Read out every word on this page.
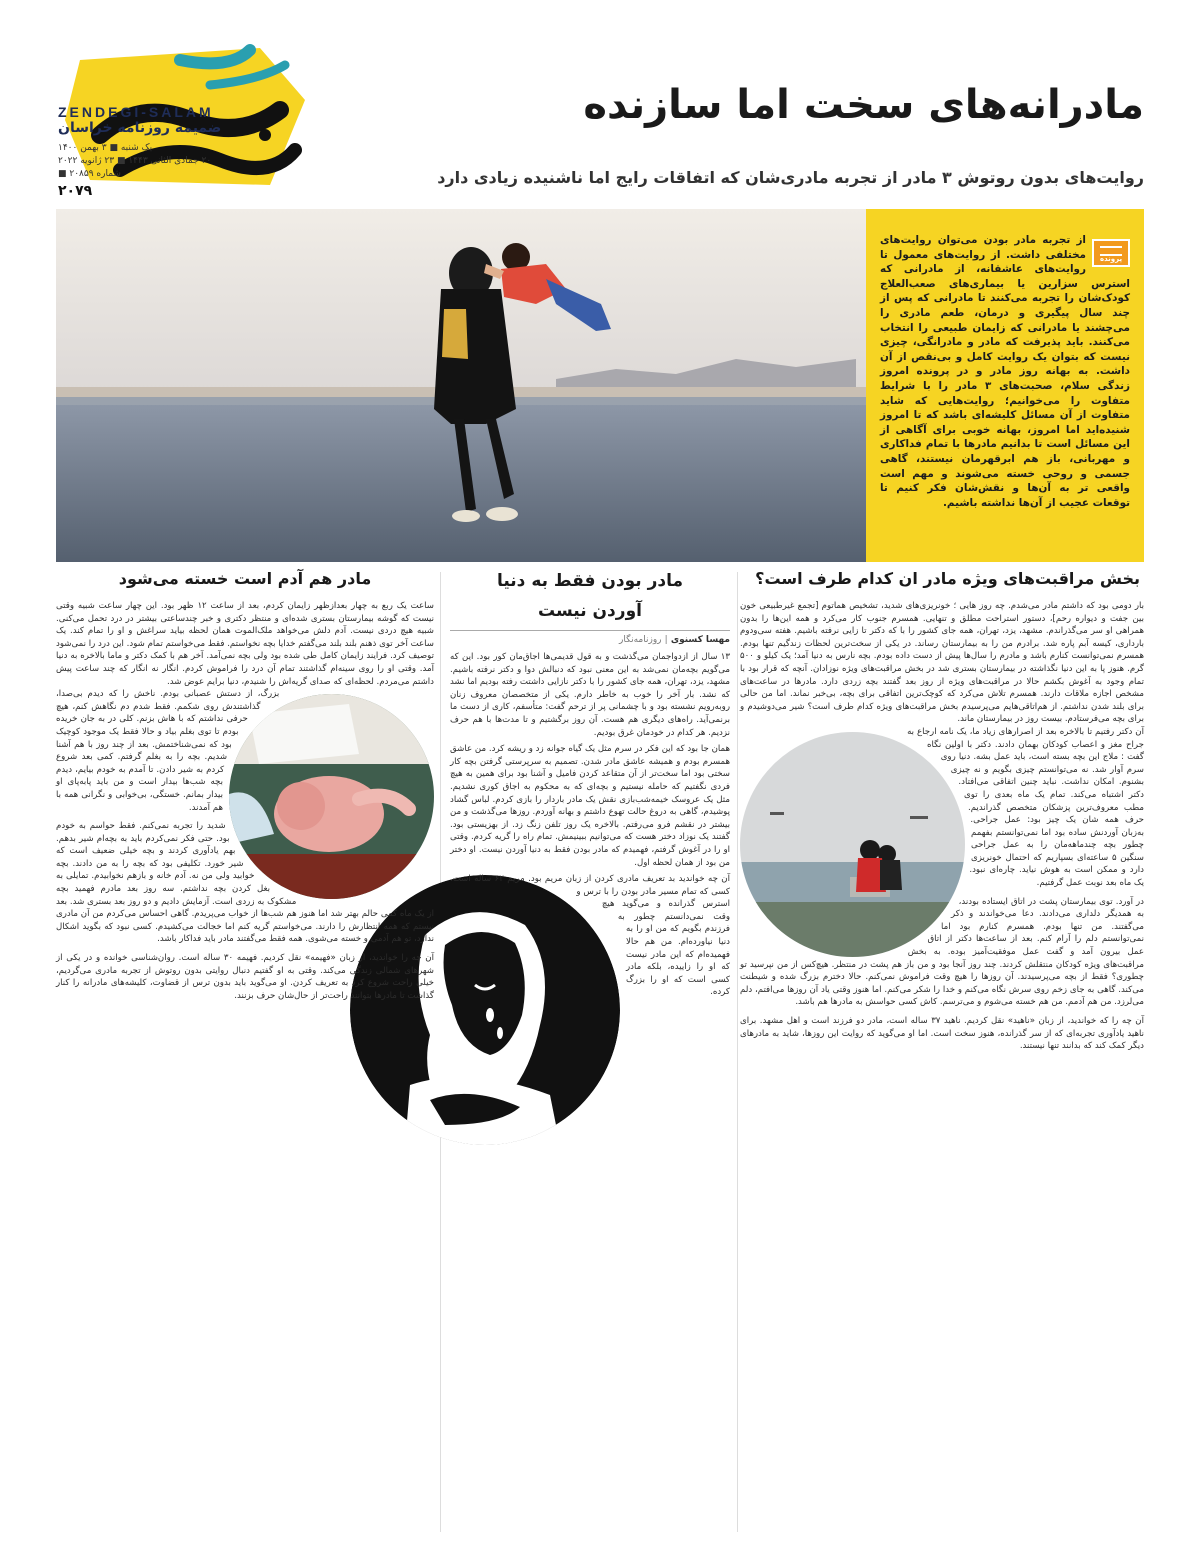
ZENDEGI-SALAM
ضمیمه روزنامه خراسان
یک شنبه ■ ۳ بهمن ۱۴۰۰
۲۰ جمادی الثانی ۱۴۴۳ ■ ۲۳ ژانویه ۲۰۲۲
شماره ۲۰۸۵۹ ■
۲۰۷۹
مادرانه‌های سخت اما سازنده
روایت‌های بدون روتوش ۳ مادر از تجربه مادری‌شان که اتفاقات رایج اما ناشنیده زیادی دارد
پرونده

از تجربه مادر بودن می‌توان روایت‌های مختلفی داشت. از روایت‌های معمول تا روایت‌های عاشقانه، از مادرانی که استرس سزارین یا بیماری‌های صعب‌العلاج کودک‌شان را تجربه می‌کنند تا مادرانی که پس از چند سال پیگیری و درمان، طعم مادری را می‌چشند یا مادرانی که زایمان طبیعی را انتخاب می‌کنند. باید پذیرفت که مادر و مادرانگی، چیزی نیست که بتوان یک روایت کامل و بی‌نقص از آن داشت. به بهانه روز مادر و در پرونده امروز زندگی سلام، صحبت‌های ۳ مادر را با شرایط متفاوت را می‌خوانیم؛ روایت‌هایی که شاید متفاوت از آن مسائل کلیشه‌ای باشد که تا امروز شنیده‌اید اما امروز، بهانه خوبی برای آگاهی از این مسائل است تا بدانیم مادرها با تمام فداکاری و مهربانی، باز هم ابرقهرمان نیستند، گاهی جسمی و روحی خسته می‌شوند و مهم است واقعی تر به آن‌ها و نقش‌شان فکر کنیم تا توقعات عجیب از آن‌ها نداشته باشیم.

بخش مراقبت‌های ویژه مادر ان کدام طرف است؟

بار دومی بود که داشتم مادر می‌شدم. چه روز هایی ؛ خونریزی‌های شدید، تشخیص هماتوم [تجمع غیرطبیعی خون بین جفت و دیواره رحم]، دستور استراحت مطلق و تنهایی. همسرم جنوب کار می‌کرد و همه این‌ها را بدون همراهی او سر می‌گذراندم. مشهد، یزد، تهران، همه جای کشور را با که دکتر تا زایی نرفته باشیم. هفته سی‌ودوم بارداری، کیسه آبم پاره شد. برادرم من را به بیمارستان رساند. در یکی از سخت‌ترین لحظات زندگیم تنها بودم. همسرم نمی‌توانست کنارم باشد و مادرم را سال‌ها پیش از دست داده بودم. بچه نارس به دنیا آمد؛ یک کیلو و ۵۰۰ گرم. هنوز پا به این دنیا نگذاشته در بیمارستان بستری شد در بخش مراقبت‌های ویژه نوزادان. آنچه که قرار بود با تمام وجود به آغوش بکشم حالا در مراقبت‌های ویژه از روز بعد گفتند بچه زردی دارد. مادرها در ساعت‌های مشخص اجازه ملاقات دارند. همسرم تلاش می‌کرد که کوچک‌ترین اتفاقی برای بچه، بی‌خبر نماند. اما من حالی برای بلند شدن نداشتم. از هم‌اتاقی‌هایم می‌پرسیدم بخش مراقبت‌های ویژه کدام طرف است؟ شیر می‌دوشیدم و برای بچه می‌فرستادم. بیست روز در بیمارستان ماند.

آن دکتر رفتیم تا بالاخره بعد از اصرارهای زیاد ما، یک نامه ارجاع به جراح مغز و اعصاب کودکان بهمان دادند. دکتر با اولین نگاه گفت : ملاج این بچه بسته است، باید عمل بشه. دنیا روی سرم آوار شد. نه می‌توانستم چیزی بگویم و نه چیزی بشنوم. امکان نداشت. نباید چنین اتفاقی می‌افتاد. دکتر اشتباه می‌کند. تمام یک ماه بعدی را توی مطب معروف‌ترین پزشکان متخصص گذراندیم. حرف همه شان یک چیز بود: عمل جراحی. به‌زبان آوردنش ساده بود اما نمی‌توانستم بفهمم چطور بچه چندماهه‌مان را به عمل جراحی سنگین ۵ ساعته‌ای بسپاریم که احتمال خونریزی دارد و ممکن است به هوش نیاید. چاره‌ای نبود. یک ماه بعد نوبت عمل گرفتیم.

در آورد. توی بیمارستان پشت در اتاق ایستاده بودند، به همدیگر دلداری می‌دادند. دعا می‌خواندند و ذکر می‌گفتند. من تنها بودم. همسرم کنارم بود اما نمی‌توانستم دلم را آرام کنم. بعد از ساعت‌ها دکتر از اتاق عمل بیرون آمد و گفت عمل موفقیت‌آمیز بوده. به بخش مراقبت‌های ویژه کودکان منتقلش کردند. چند روز آنجا بود و من باز هم پشت در منتظر. هیچ‌کس از من نپرسید تو چطوری؟ فقط از بچه می‌پرسیدند. آن روزها را هیچ وقت فراموش نمی‌کنم. حالا دخترم بزرگ شده و شیطنت می‌کند. گاهی به جای زخم روی سرش نگاه می‌کنم و خدا را شکر می‌کنم. اما هنوز وقتی یاد آن روزها می‌افتم، دلم می‌لرزد. من هم آدمم. من هم خسته می‌شوم و می‌ترسم. کاش کسی حواسش به مادرها هم باشد.

آن چه را که خواندید، از زبان «ناهید» نقل کردیم. ناهید ۳۷ ساله است، مادر دو فرزند است و اهل مشهد. برای ناهید یادآوری تجربه‌ای که از سر گذرانده، هنوز سخت است. اما او می‌گوید که روایت این روزها، شاید به مادرهای دیگر کمک کند که بدانند تنها نیستند.

مادر بودن فقط به دنیا آوردن نیست
مهسا کسنوی | روزنامه‌نگار

۱۳ سال از ازدواجمان می‌گذشت و به قول قدیمی‌ها اجاق‌مان کور بود. این که می‌گویم بچه‌مان نمی‌شد به این معنی نبود که دنبالش دوا و دکتر نرفته باشیم. مشهد، یزد، تهران، همه جای کشور را با دکتر نازایی داشتت رفته بودیم اما نشد که نشد. بار آخر را خوب به خاطر دارم. یکی از متخصصان معروف زنان روبه‌رویم نشسته بود و با چشمانی پر از ترحم گفت: متأسفم، کاری از دست ما برنمی‌آید. راه‌های دیگری هم هست. آن روز برگشتیم و تا مدت‌ها با هم حرف نزدیم. هر کدام در خودمان غرق بودیم.

همان جا بود که این فکر در سرم مثل یک گیاه جوانه زد و ریشه کرد. من عاشق همسرم بودم و همیشه عاشق مادر شدن. تصمیم به سرپرستی گرفتن بچه کار سختی بود اما سخت‌تر از آن متقاعد کردن فامیل و آشنا بود برای همین به هیچ فردی نگفتیم که حامله نیستیم و بچه‌ای که به محکوم به اجاق کوری نشدیم. مثل یک عروسک خیمه‌شب‌بازی نقش یک مادر باردار را بازی کردم. لباس گشاد پوشیدم، گاهی به دروغ حالت تهوع داشتم و بهانه آوردم. روزها می‌گذشت و من بیشتر در نقشم فرو می‌رفتم. بالاخره یک روز تلفن زنگ زد. از بهزیستی بود. گفتند یک نوزاد دختر هست که می‌توانیم ببینیمش. تمام راه را گریه کردم. وقتی او را در آغوش گرفتم، فهمیدم که مادر بودن فقط به دنیا آوردن نیست. او دختر من بود از همان لحظه اول.

آن چه خواندید بد تعریف مادری کردن از زبان مریم بود. مریم ۶۲ ساله است. کسی که تمام مسیر مادر بودن را با ترس و استرس گذرانده و می‌گوید هیچ وقت نمی‌دانستم چطور به فرزندم بگویم که من او را به دنیا نیاورده‌ام. من هم حالا فهمیده‌ام که این مادر نیست که او را زاییده، بلکه مادر کسی است که او را بزرگ کرده.

مادر هم آدم است خسته می‌شود

ساعت یک ربع به چهار بعدازظهر زایمان کردم، بعد از ساعت ۱۲ ظهر بود. این چهار ساعت شبیه وقتی نیست که گوشه بیمارستان بستری شده‌ای و منتظر دکتری و خبر چندساعتی بیشتر در درد تحمل می‌کنی. شبیه هیچ دردی نیست. آدم دلش می‌خواهد ملک‌الموت همان لحظه بیاید سراغش و او را تمام کند. یک ساعت آخر توی ذهنم بلند بلند می‌گفتم خدایا بچه نخواستم. فقط می‌خواستم تمام شود. این درد را نمی‌شود توصیف کرد. فرایند زایمان کامل طی شده بود ولی بچه نمی‌آمد. آخر هم با کمک دکتر و ماما بالاخره به دنیا آمد. وقتی او را روی سینه‌ام گذاشتند تمام آن درد را فراموش کردم. انگار نه انگار که چند ساعت پیش داشتم می‌مردم. لحظه‌ای که صدای گریه‌اش را شنیدم، دنیا برایم عوض شد.

بزرگ، از دستش عصبانی بودم. ناخش را که دیدم بی‌صدا، گذاشتندش روی شکمم. فقط شدم دم نگاهش کنم، هیچ حرفی نداشتم که با هاش بزنم. کلی در به جان خریده بودم تا توی بغلم بیاد و حالا فقط یک موجود کوچیک بود که نمی‌شناختمش. بعد از چند روز با هم آشنا شدیم. بچه را به بغلم گرفتم. کمی بعد شروع کردم به شیر دادن. تا آمدم به خودم بیایم، دیدم بچه شب‌ها بیدار است و من باید پابه‌پای او بیدار بمانم. خستگی، بی‌خوابی و نگرانی همه با هم آمدند.

شدید را تجربه نمی‌کنم. فقط حواسم به خودم بود. حتی فکر نمی‌کردم باید به بچه‌ام شیر بدهم. بهم یادآوری کردند و بچه خیلی ضعیف است که شیر خورد. تکلیفی بود که بچه را به من دادند. بچه خوابید ولی من نه. آدم خانه و بازهم نخوابیدم. تمایلی به بغل کردن بچه نداشتم. سه روز بعد مادرم فهمید بچه مشکوک به زردی است. آزمایش دادیم و دو روز بعد بستری شد. بعد از یک ماه کمی حالم بهتر شد اما هنوز هم شب‌ها از خواب می‌پریدم. گاهی احساس می‌کردم من آن مادری نیستم که همه انتظارش را دارند. می‌خواستم گریه کنم اما خجالت می‌کشیدم. کسی نبود که بگوید اشکال ندارد، تو هم آدمی و خسته می‌شوی. همه فقط می‌گفتند مادر باید فداکار باشد.

آن چه را خواندید، از زبان «فهیمه» نقل کردیم. فهیمه ۳۰ ساله است. روان‌شناسی خوانده و در یکی از شهرهای شمالی زندگی می‌کند. وقتی به او گفتیم دنبال روایتی بدون روتوش از تجربه مادری می‌گردیم، خیلی راحت شروع کرد به تعریف کردن. او می‌گوید باید بدون ترس از قضاوت، کلیشه‌های مادرانه را کنار گذاشت تا مادرها بتوانند راحت‌تر از حال‌شان حرف بزنند.
